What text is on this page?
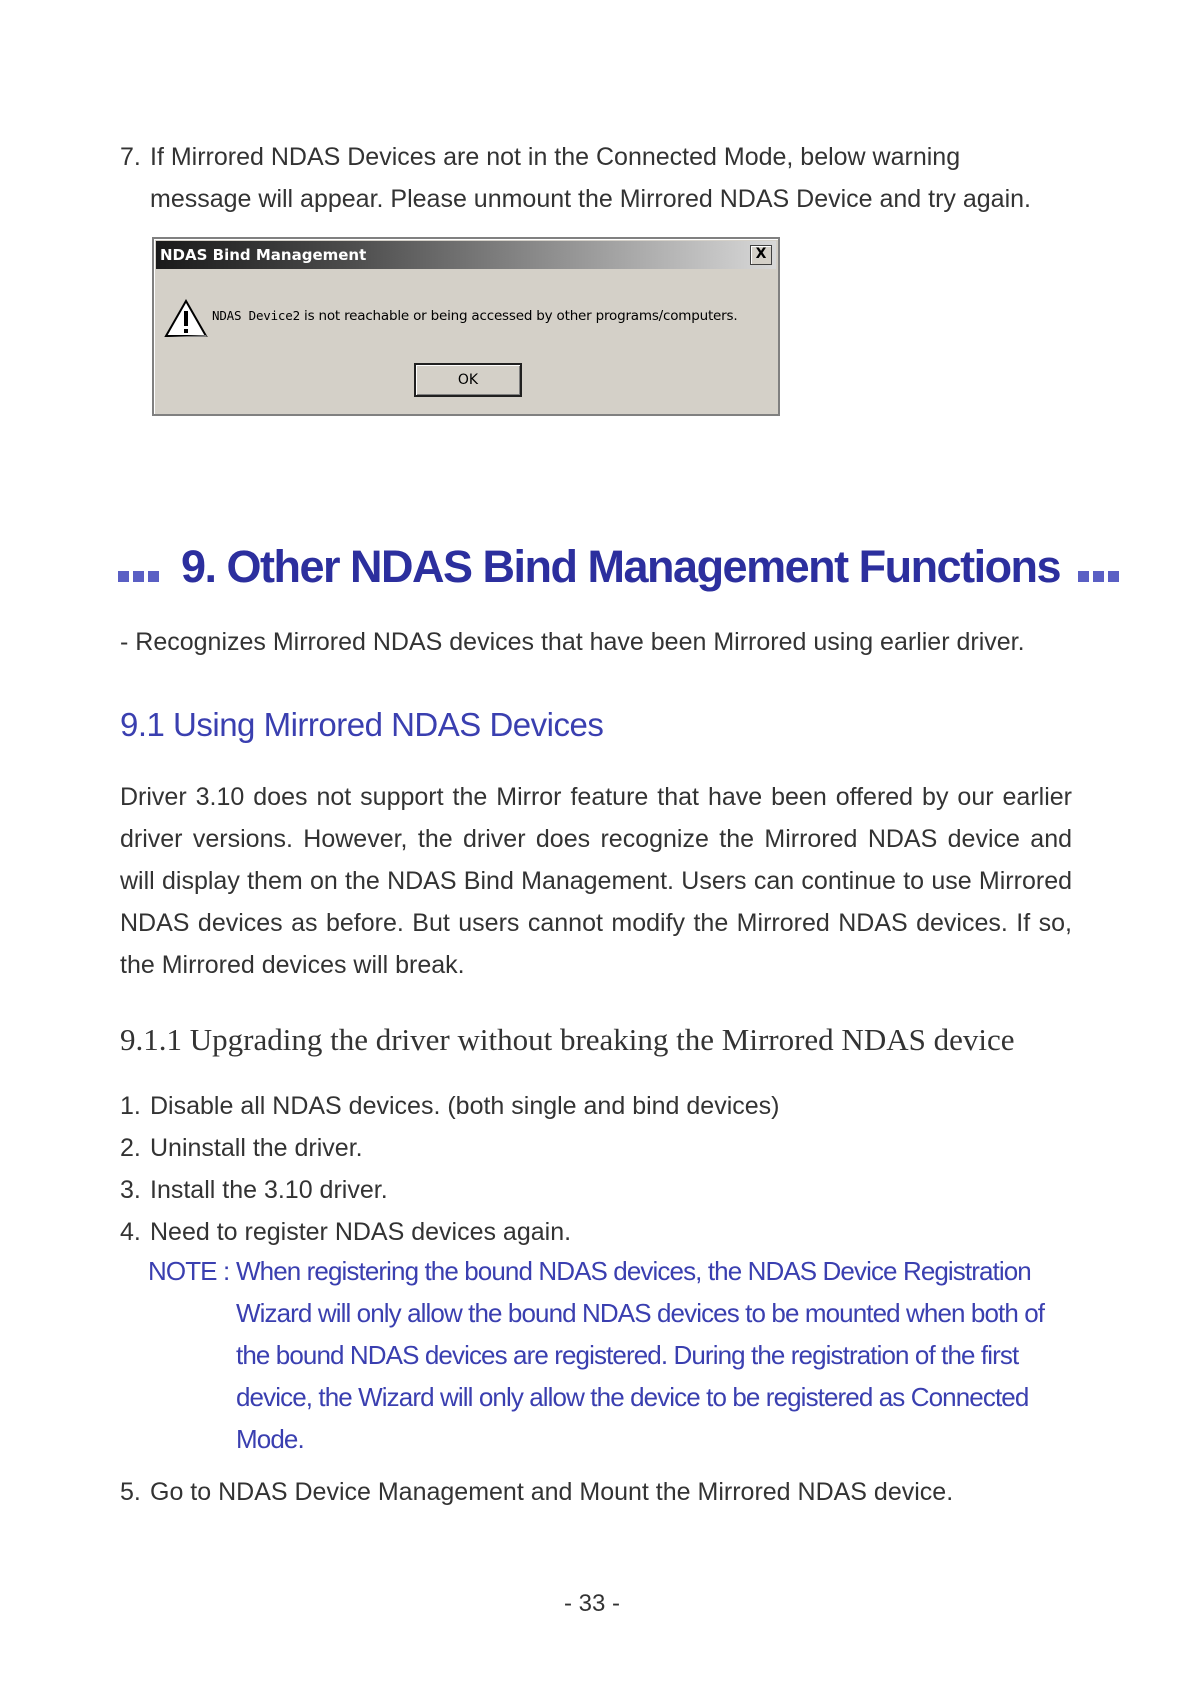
7. If Mirrored NDAS Devices are not in the Connected Mode, below warning
message will appear. Please unmount the Mirrored NDAS Device and try again.
NDAS Bind Management	X
NDAS Device2 is not reachable or being accessed by other programs/computers.
OK
9. Other NDAS Bind Management Functions
- Recognizes Mirrored NDAS devices that have been Mirrored using earlier driver.
9.1 Using Mirrored NDAS Devices
Driver 3.10 does not support the Mirror feature that have been offered by our earlier driver versions. However, the driver does recognize the Mirrored NDAS device and will display them on the NDAS Bind Management. Users can continue to use Mirrored NDAS devices as before. But users cannot modify the Mirrored NDAS devices. If so, the Mirrored devices will break.
9.1.1 Upgrading the driver without breaking the Mirrored NDAS device
1. Disable all NDAS devices. (both single and bind devices)
2. Uninstall the driver.
3. Install the 3.10 driver.
4. Need to register NDAS devices again.
NOTE : When registering the bound NDAS devices, the NDAS Device Registration Wizard will only allow the bound NDAS devices to be mounted when both of the bound NDAS devices are registered. During the registration of the first device, the Wizard will only allow the device to be registered as Connected Mode.
5. Go to NDAS Device Management and Mount the Mirrored NDAS device.
- 33 -
